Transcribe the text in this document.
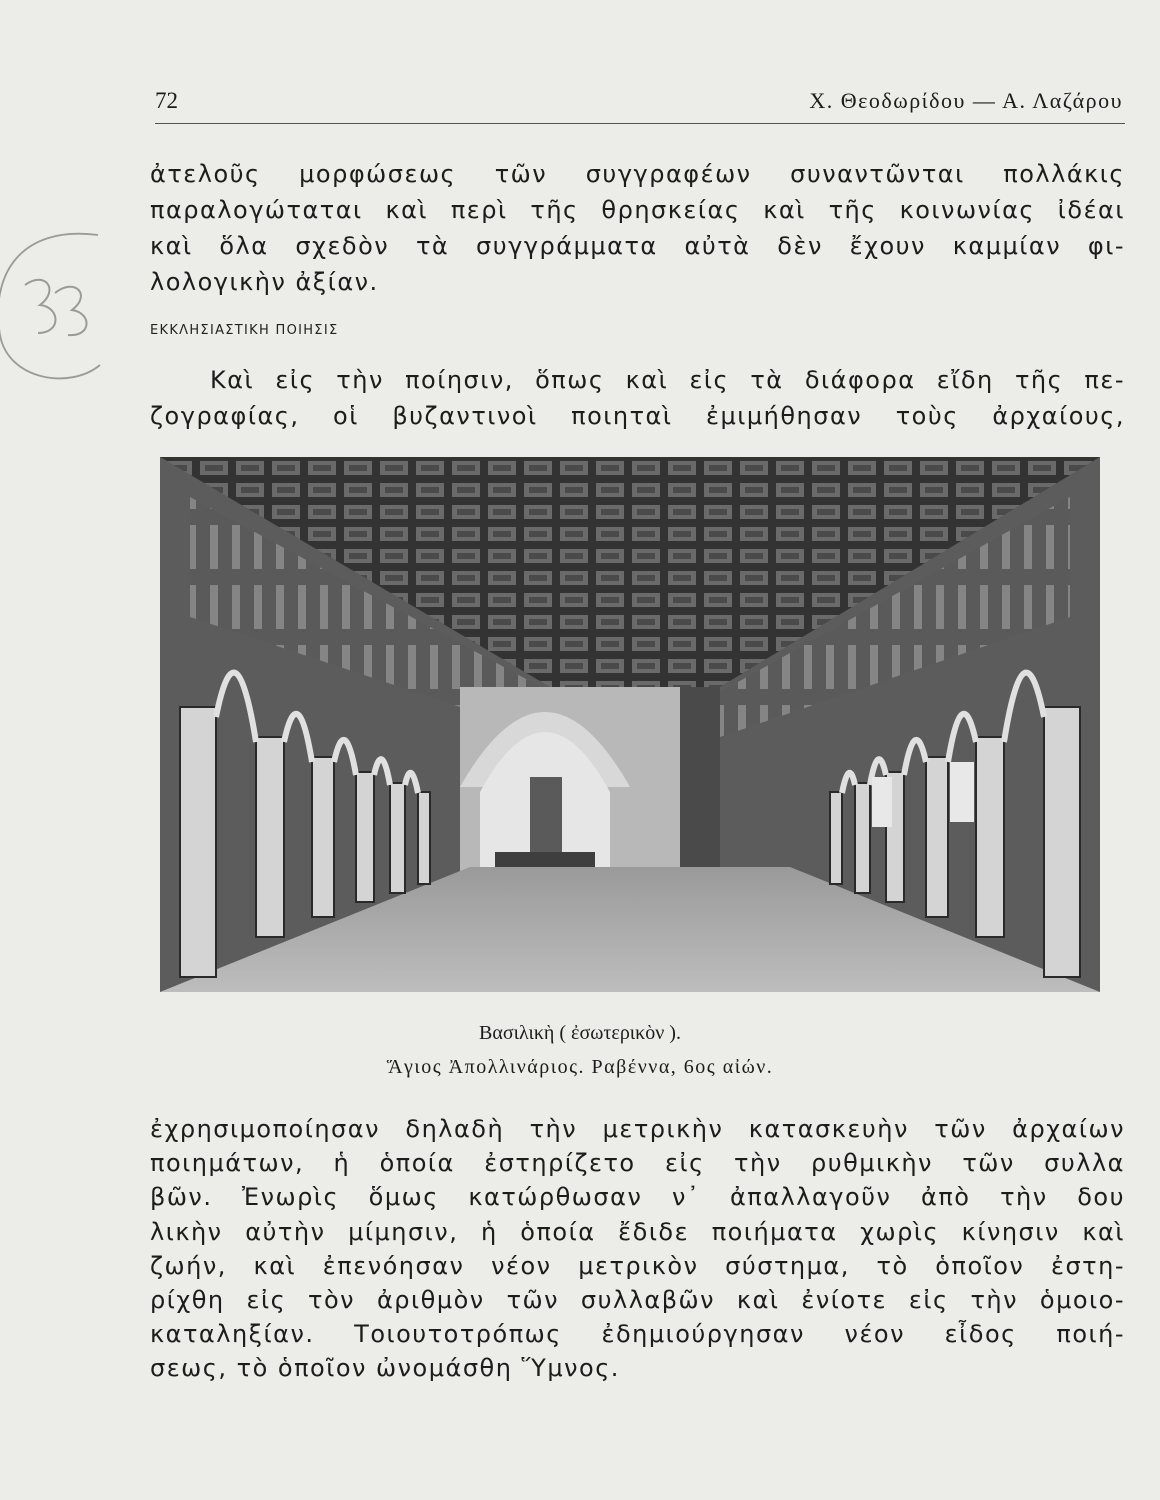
72	Χ. Θεοδωρίδου — Α. Λαζάρου
ἀτελοῦς μορφώσεως τῶν συγγραφέων συναντῶνται πολλάκις
παραλογώταται καὶ περὶ τῆς θρησκείας καὶ τῆς κοινωνίας ἰδέαι
καὶ ὅλα σχεδὸν τὰ συγγράμματα αὐτὰ δὲν ἔχουν καμμίαν φι-
λολογικὴν ἀξίαν.
ΕΚΚΛΗΣΙΑΣΤΙΚΗ ΠΟΙΗΣΙΣ
Καὶ εἰς τὴν ποίησιν, ὅπως καὶ εἰς τὰ διάφορα εἴδη τῆς πε-
ζογραφίας, οἱ βυζαντινοὶ ποιηταὶ ἐμιμήθησαν τοὺς ἀρχαίους,
Βασιλικὴ ( ἐσωτερικὸν ).
Ἅγιος Ἀπολλινάριος. Ραβέννα, 6ος αἰών.
ἐχρησιμοποίησαν δηλαδὴ τὴν μετρικὴν κατασκευὴν τῶν ἀρχαίων
ποιημάτων, ἡ ὁποία ἐστηρίζετο εἰς τὴν ρυθμικὴν τῶν συλλα
βῶν. Ἐνωρὶς ὅμως κατώρθωσαν ν᾽ ἀπαλλαγοῦν ἀπὸ τὴν δου
λικὴν αὐτὴν μίμησιν, ἡ ὁποία ἔδιδε ποιήματα χωρὶς κίνησιν καὶ
ζωήν, καὶ ἐπενόησαν νέον μετρικὸν σύστημα, τὸ ὁποῖον ἐστη-
ρίχθη εἰς τὸν ἀριθμὸν τῶν συλλαβῶν καὶ ἐνίοτε εἰς τὴν ὁμοιο-
καταληξίαν. Τοιουτοτρόπως ἐδημιούργησαν νέον εἶδος ποιή-
σεως, τὸ ὁποῖον ὠνομάσθη Ὕμνος.
